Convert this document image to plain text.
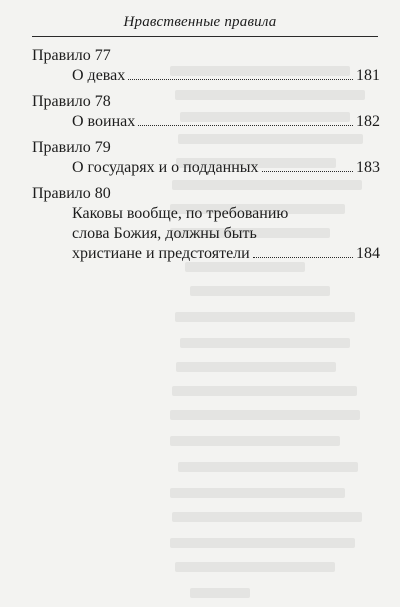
Нравственные правила
Правило 77
О девах	181
Правило 78
О воинах	182
Правило 79
О государях и о подданных	183
Правило 80
Каковы вообще, по требованию
слова Божия, должны быть
христиане и предстоятели	184
